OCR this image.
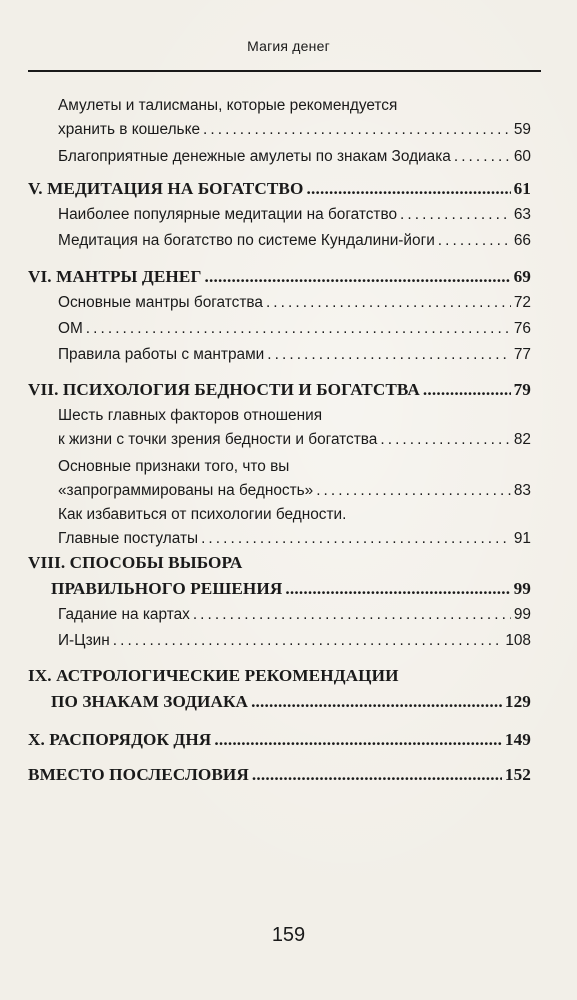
Магия денег
Амулеты и талисманы, которые рекомендуется
хранить в кошельке . . .	59
Благоприятные денежные амулеты по знакам Зодиака . . .	60
V. МЕДИТАЦИЯ НА БОГАТСТВО .....	61
Наиболее популярные медитации на богатство . . .	63
Медитация на богатство по системе Кундалини-йоги . . .	66
VI. МАНТРЫ ДЕНЕГ .....	69
Основные мантры богатства . . .	72
ОМ . . .	76
Правила работы с мантрами . . .	77
VII. ПСИХОЛОГИЯ БЕДНОСТИ И БОГАТСТВА .....	79
Шесть главных факторов отношения
к жизни с точки зрения бедности и богатства . . .	82
Основные признаки того, что вы
«запрограммированы на бедность» . . .	83
Как избавиться от психологии бедности.
Главные постулаты . . .	91
VIII. СПОСОБЫ ВЫБОРА
ПРАВИЛЬНОГО РЕШЕНИЯ .....	99
Гадание на картах . . .	99
И-Цзин . . .	108
IX. АСТРОЛОГИЧЕСКИЕ РЕКОМЕНДАЦИИ
ПО ЗНАКАМ ЗОДИАКА .....	129
X. РАСПОРЯДОК ДНЯ .....	149
ВМЕСТО ПОСЛЕСЛОВИЯ .....	152
159
